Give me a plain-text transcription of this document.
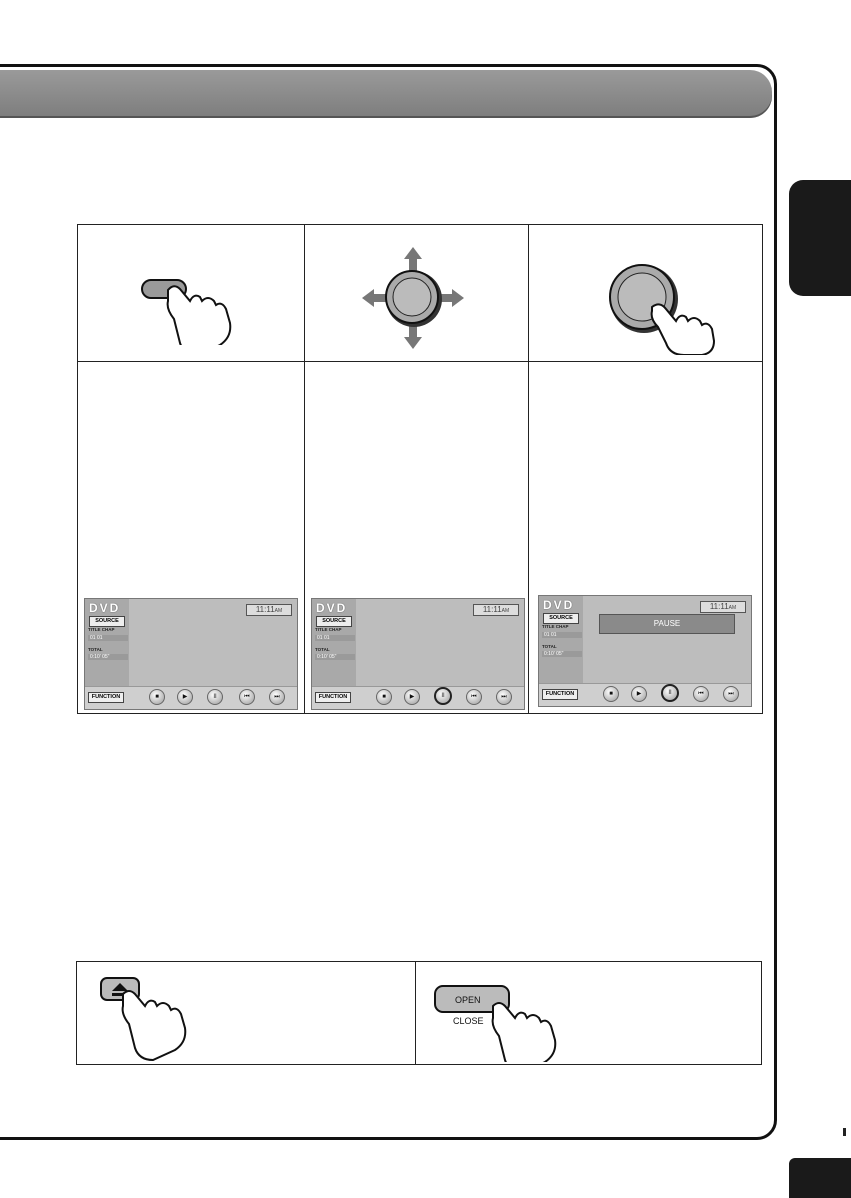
DVD
SOURCE
TITLE CHAP
01 01
TOTAL
0:10' 05"
11:11AM
FUNCTION	■	▶	II	⏮	⏭
DVD
SOURCE
TITLE CHAP
01 01
TOTAL
0:10' 05"
11:11AM
FUNCTION	■	▶	II	⏮	⏭
DVD
SOURCE
TITLE CHAP
01 01
TOTAL
0:10' 05"
11:11AM
PAUSE
FUNCTION	■	▶	II	⏮	⏭
OPEN
CLOSE
